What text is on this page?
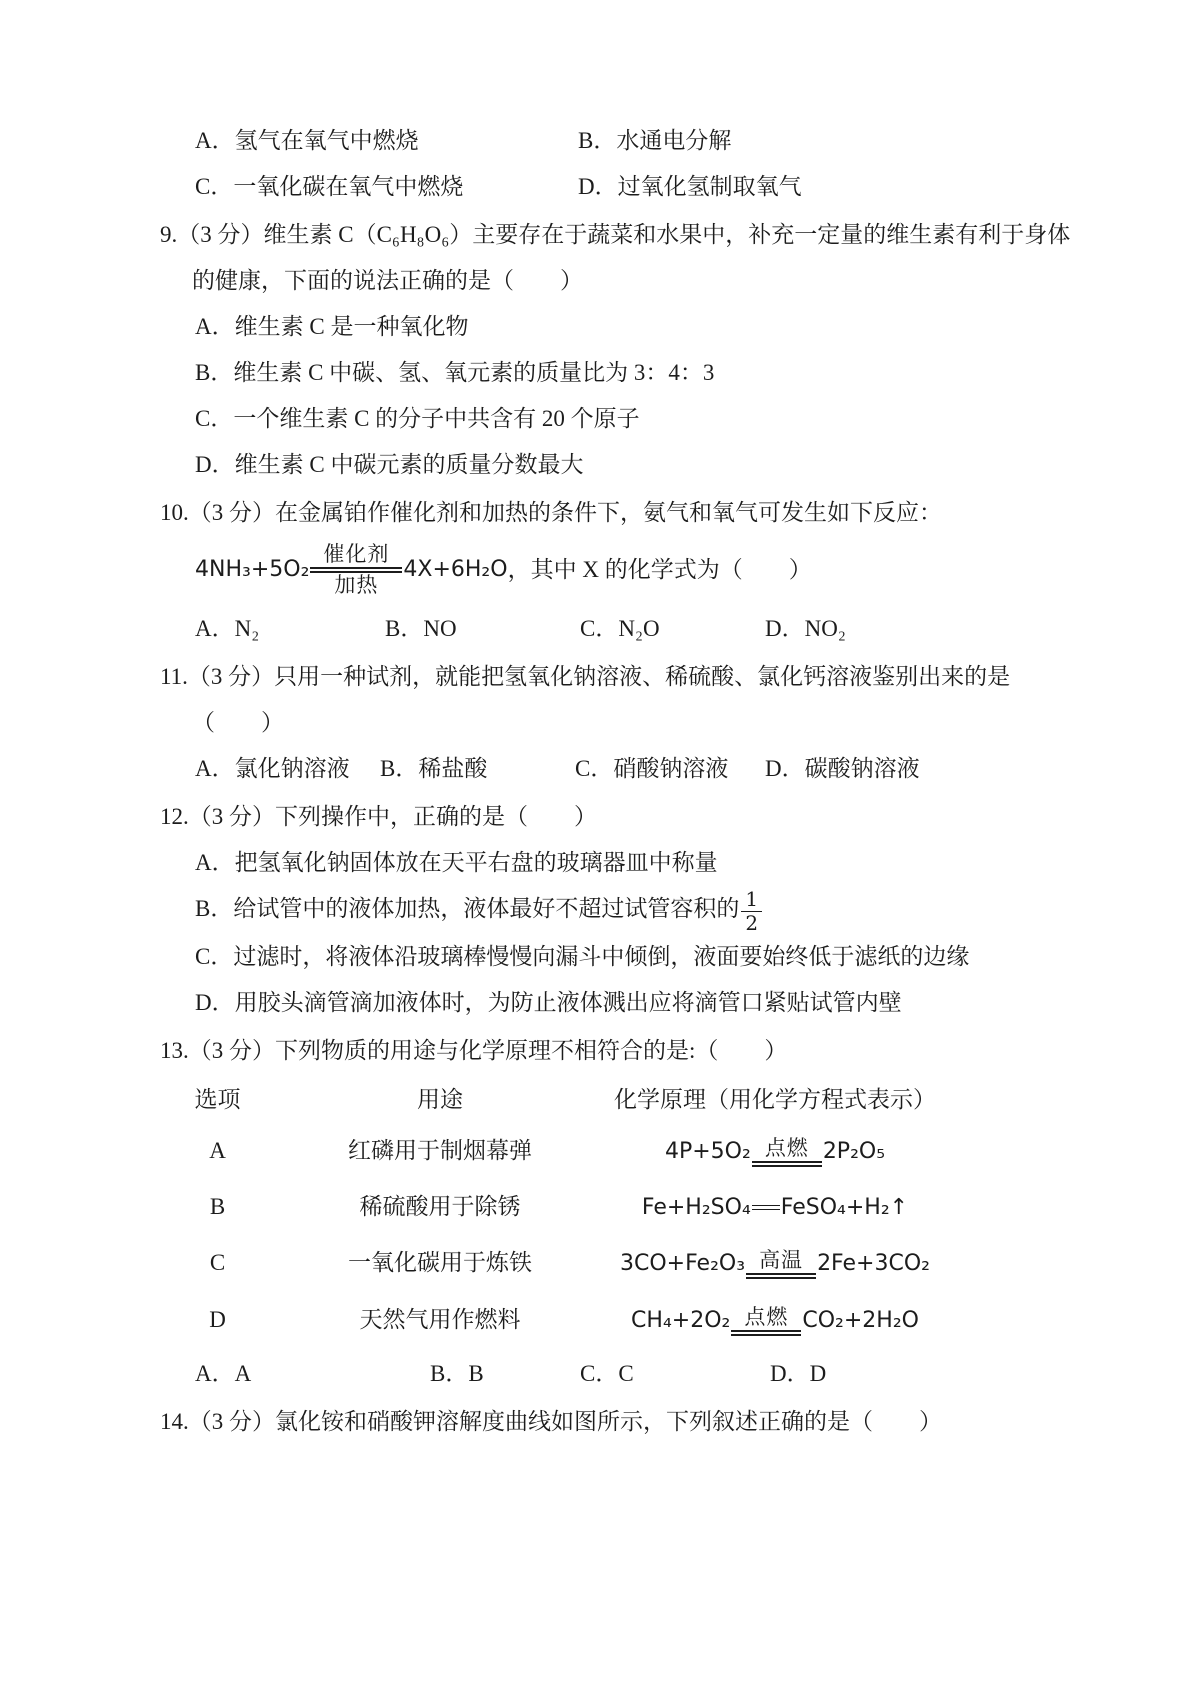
A．氢气在氧气中燃烧	B．水通电分解
C．一氧化碳在氧气中燃烧	D．过氧化氢制取氧气

9.（3 分）维生素 C（C₆H₈O₆）主要存在于蔬菜和水果中，补充一定量的维生素有利于身体的健康，下面的说法正确的是（　　）

A．维生素 C 是一种氧化物

B．维生素 C 中碳、氢、氧元素的质量比为 3：4：3

C．一个维生素 C 的分子中共含有 20 个原子

D．维生素 C 中碳元素的质量分数最大

10.（3 分）在金属铂作催化剂和加热的条件下，氨气和氧气可发生如下反应：

4NH₃+5O₂
催化剂
加热
4X+6H₂O ，其中 X 的化学式为（　　）
A．N₂	B．NO	C．N₂O	D．NO₂

11.（3 分）只用一种试剂，就能把氢氧化钠溶液、稀硫酸、氯化钙溶液鉴别出来的是（　　）

A．氯化钠溶液	B．稀盐酸	C．硝酸钠溶液	D．碳酸钠溶液

12.（3 分）下列操作中，正确的是（　　）

A．把氢氧化钠固体放在天平右盘的玻璃器皿中称量

B．给试管中的液体加热，液体最好不超过试管容积的 $\frac{1}{2}$

C．过滤时，将液体沿玻璃棒慢慢向漏斗中倾倒，液面要始终低于滤纸的边缘

D．用胶头滴管滴加液体时，为防止液体溅出应将滴管口紧贴试管内壁

13.（3 分）下列物质的用途与化学原理不相符合的是:（　　）

选项	用途	化学原理（用化学方程式表示）
A	红磷用于制烟幕弹	4P+5O₂ 点燃 2P₂O₅
B	稀硫酸用于除锈	Fe+H₂SO₄ FeSO₄+H₂↑
C	一氧化碳用于炼铁	3CO+Fe₂O₃ 高温 2Fe+3CO₂
D	天然气用作燃料	CH₄+2O₂ 点燃 CO₂+2H₂O
A．A	B．B	C．C	D．D

14.（3 分）氯化铵和硝酸钾溶解度曲线如图所示，下列叙述正确的是（　　）
